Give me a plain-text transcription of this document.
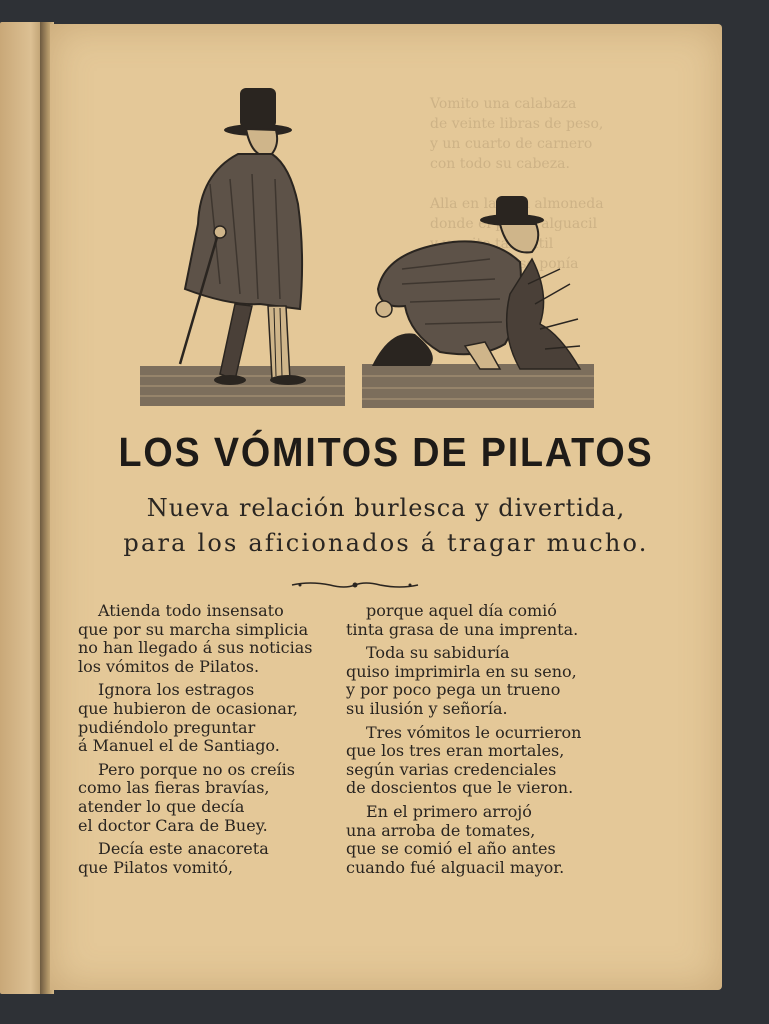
Vomito una calabaza
de veinte libras de peso,
y un cuarto de carnero
con todo su cabeza.

Alla en la almoneda
donde el alguacil
y vomito tan sutil
se ponía
LOS VÓMITOS DE PILATOS
Nueva relación burlesca y divertida,
para los aficionados á tragar mucho.
Atienda todo insensato
que por su marcha simplicia
no han llegado á sus noticias
los vómitos de Pilatos.
Ignora los estragos
que hubieron de ocasionar,
pudiéndolo preguntar
á Manuel el de Santiago.
Pero porque no os creíis
como las fieras bravías,
atender lo que decía
el doctor Cara de Buey.
Decía este anacoreta
que Pilatos vomitó,
porque aquel día comió
tinta grasa de una imprenta.
Toda su sabiduría
quiso imprimirla en su seno,
y por poco pega un trueno
su ilusión y señoría.
Tres vómitos le ocurrieron
que los tres eran mortales,
según varias credenciales
de doscientos que le vieron.
En el primero arrojó
una arroba de tomates,
que se comió el año antes
cuando fué alguacil mayor.
